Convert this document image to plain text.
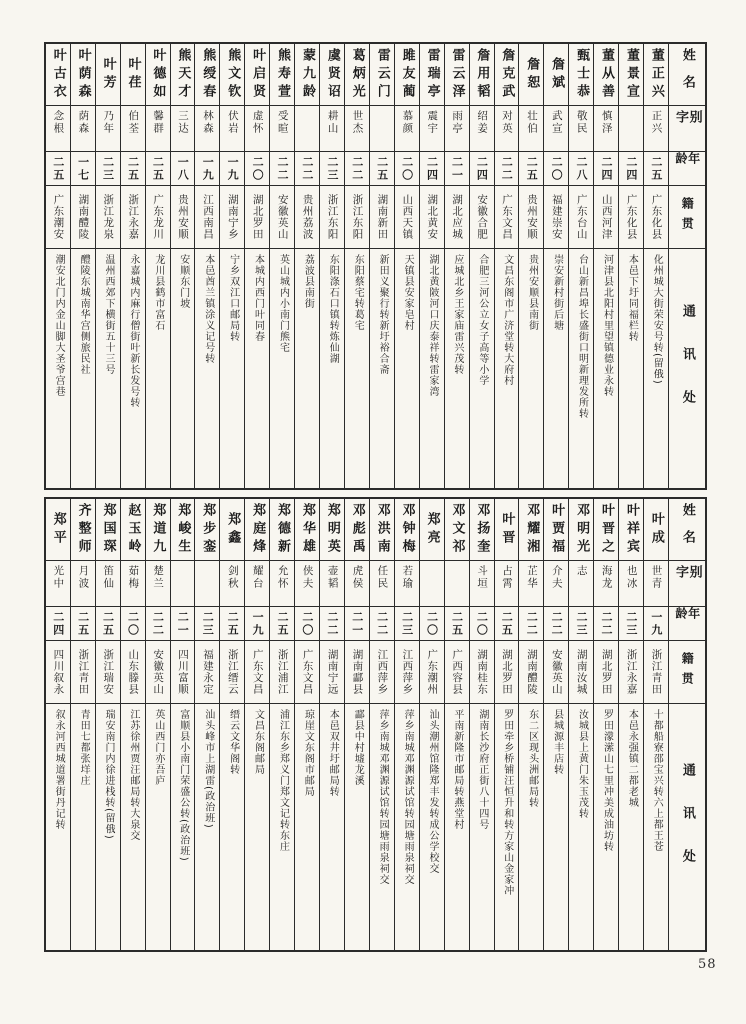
姓名
别字
年龄
籍贯
通讯处
董正兴
正兴
二五
广东化县
化州城大街荣安号转(留俄)
董景宣
二四
广东化县
本邑下圩同福栏转
董从善
慎泽
二四
山西河津
河津县北阳村里望镇德业永转
甄士恭
敬民
二八
广东台山
台山新昌埠长盛街口明新理发所转
詹斌
武宣
二〇
福建崇安
崇安新村街后塘
詹恕
壮伯
二五
贵州安顺
贵州安顺县南街
詹克武
对英
二二
广东文昌
文昌东阁市广济堂转大府村
詹用韬
绍姜
二四
安徽合肥
合肥三河公立女子高等小学
雷云泽
雨亭
二一
湖北应城
应城北乡王家庙雷兴茂转
雷瑞亭
震宇
二四
湖北黄安
湖北黄陂河口庆泰祥转雷家湾
雎友蔺
慕颜
二〇
山西天镇
天镇县安家皂村
雷云门
二五
湖南新田
新田义聚行转新圩裕合斋
葛炳光
世杰
二二
浙江东阳
东阳蔡宅转葛宅
虞贤诏
耕山
二三
浙江东阳
东阳涤石口镇转炼仙湖
蒙九龄
二二
贵州荔波
荔波县南街
熊寿萱
受暄
二二
安徽英山
英山城内小南门熊宅
叶启贤
虚怀
二〇
湖北罗田
本城内西门叶同春
熊文钦
伏岩
一九
湖南宁乡
宁乡双江口邮局转
熊绶春
林森
一九
江西南昌
本邑酋兰镇涂义记号转
熊天才
三达
一八
贵州安顺
安顺东门坡
叶德如
馨群
二五
广东龙川
龙川县鹤市富石
叶荏
伯荃
二五
浙江永嘉
永嘉城内麻行僧街叶新长发号转
叶芳
乃年
二三
浙江龙泉
温州西郊下横街五十三号
叶荫森
荫森
一七
湖南醴陵
醴陵东城南华宫侧旅民社
叶古衣
念根
二五
广东潮安
潮安北门内金山脚大圣爷宫巷
姓名
别字
年龄
籍贯
通讯处
叶成
世青
一九
浙江青田
十都船寮邵宝兴转六上都王苍
叶祥宾
也冰
二三
浙江永嘉
本邑永强镇二都老城
叶晋之
海龙
二二
湖北罗田
罗田濛潆山七里冲美成油坊转
邓明光
志
二三
湖南汝城
汝城县上黄门朱玉茂转
叶贾福
介夫
二二
安徽英山
县城源丰店转
邓耀湘
芷华
二二
湖南醴陵
东二区现头洲邮局转
叶晋
占霄
二五
湖北罗田
罗田牵乡桥铺汪恒升和转方家山金家冲
邓扬奎
斗垣
二〇
湖南桂东
湖南长沙府正街八十四号
邓文祁
二五
广西容县
平南新隆市邮局转燕堂村
郑亮
二〇
广东潮州
汕头潮州馆隆郑丰发转成公学校交
邓钟梅
若瑜
二三
江西萍乡
萍乡南城邓渊源试馆转园塘雨泉祠交
邓洪南
任民
二二
江西萍乡
萍乡南城邓渊源试馆转园塘雨泉祠交
邓彪禹
虎侯
二一
湖南酃县
酃县中村墟龙溪
郑明英
壶韬
二二
湖南宁远
本邑双井圩邮局转
郑华雄
侠夫
二〇
广东文昌
琼崖文东阁市邮局
郑德新
允怀
二五
浙江浦江
浦江东乡郑义门郑文记转东庄
郑庭烽
耀台
一九
广东文昌
文昌东阁邮局
郑鑫
剑秋
二五
浙江缙云
缙云文华阁转
郑步銮
二三
福建永定
汕头峰市上湖雷(政治班)
郑峻生
二一
四川富顺
富顺县小南门荣盛公转(政治班)
郑道九
楚兰
二二
安徽英山
英山西门亦吾庐
赵玉岭
茹梅
二〇
山东滕县
江苏徐州贾汪邮局转大泉交
郑国琛
笛仙
二五
浙江瑞安
瑞安南门内徐进栈转(留俄)
齐整师
月波
二五
浙江青田
青田七都张垟庄
郑平
光中
二四
四川叙永
叙永河西城道署街丹记转
58
